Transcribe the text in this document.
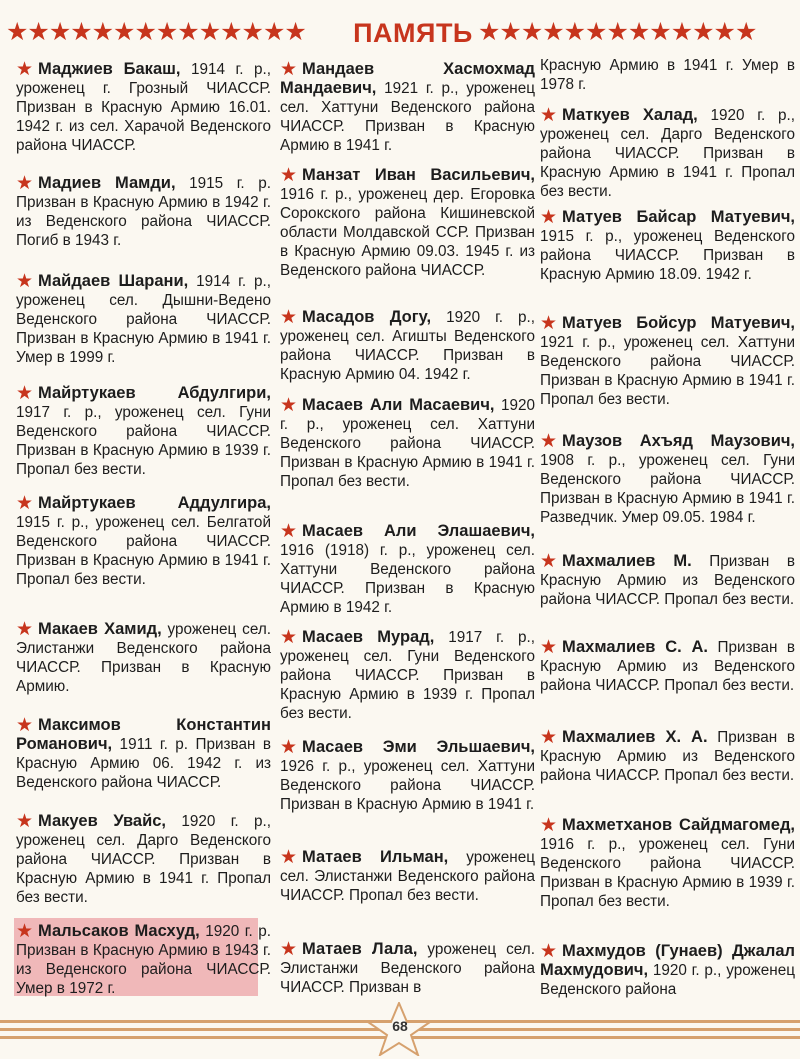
★★★★★★★★★★★★★★	ПАМЯТЬ ★★★★★★★★★★★★★
★ Маджиев Бакаш, 1914 г. р., уроженец г. Грозный ЧИАССР. Призван в Красную Армию 16.01. 1942 г. из сел. Харачой Веденского района ЧИАССР.
★ Мадиев Мамди, 1915 г. р. Призван в Красную Армию в 1942 г. из Веденского района ЧИАССР. Погиб в 1943 г.
★ Майдаев Шарани, 1914 г. р., уроженец сел. Дышни-Ведено Веденского района ЧИАССР. Призван в Красную Армию в 1941 г. Умер в 1999 г.
★ Майртукаев Абдулгири, 1917 г. р., уроженец сел. Гуни Веденского района ЧИАССР. Призван в Красную Армию в 1939 г. Пропал без вести.
★ Майртукаев Аддулгира, 1915 г. р., уроженец сел. Белгатой Веденского района ЧИАССР. Призван в Красную Армию в 1941 г. Пропал без вести.
★ Макаев Хамид, уроженец сел. Элистанжи Веденского района ЧИАССР. Призван в Красную Армию.
★ Максимов Константин Романович, 1911 г. р. Призван в Красную Армию 06. 1942 г. из Веденского района ЧИАССР.
★ Макуев Увайс, 1920 г. р., уроженец сел. Дарго Веденского района ЧИАССР. Призван в Красную Армию в 1941 г. Пропал без вести.
★ Мальсаков Масхуд, 1920 г. р. Призван в Красную Армию в 1943 г. из Веденского района ЧИАССР. Умер в 1972 г.
★ Мандаев Хасмохмад Мандаевич, 1921 г. р., уроженец сел. Хаттуни Веденского района ЧИАССР. Призван в Красную Армию в 1941 г.
★ Манзат Иван Васильевич, 1916 г. р., уроженец дер. Егоровка Сорокского района Кишиневской области Молдавской ССР. Призван в Красную Армию 09.03. 1945 г. из Веденского района ЧИАССР.
★ Масадов Догу, 1920 г. р., уроженец сел. Агишты Веденского района ЧИАССР. Призван в Красную Армию 04. 1942 г.
★ Масаев Али Масаевич, 1920 г. р., уроженец сел. Хаттуни Веденского района ЧИАССР. Призван в Красную Армию в 1941 г. Пропал без вести.
★ Масаев Али Элашаевич, 1916 (1918) г. р., уроженец сел. Хаттуни Веденского района ЧИАССР. Призван в Красную Армию в 1942 г.
★ Масаев Мурад, 1917 г. р., уроженец сел. Гуни Веденского района ЧИАССР. Призван в Красную Армию в 1939 г. Пропал без вести.
★ Масаев Эми Эльшаевич, 1926 г. р., уроженец сел. Хаттуни Веденского района ЧИАССР. Призван в Красную Армию в 1941 г.
★ Матаев Ильман, уроженец сел. Элистанжи Веденского района ЧИАССР. Пропал без вести.
★ Матаев Лала, уроженец сел. Элистанжи Веденского района ЧИАССР. Призван в
Красную Армию в 1941 г. Умер в 1978 г.
★ Маткуев Халад, 1920 г. р., уроженец сел. Дарго Веденского района ЧИАССР. Призван в Красную Армию в 1941 г. Пропал без вести.
★ Матуев Байсар Матуевич, 1915 г. р., уроженец Веденского района ЧИАССР. Призван в Красную Армию 18.09. 1942 г.
★ Матуев Бойсур Матуевич, 1921 г. р., уроженец сел. Хаттуни Веденского района ЧИАССР. Призван в Красную Армию в 1941 г. Пропал без вести.
★ Маузов Ахъяд Маузович, 1908 г. р., уроженец сел. Гуни Веденского района ЧИАССР. Призван в Красную Армию в 1941 г. Разведчик. Умер 09.05. 1984 г.
★ Махмалиев М. Призван в Красную Армию из Веденского района ЧИАССР. Пропал без вести.
★ Махмалиев С. А. Призван в Красную Армию из Веденского района ЧИАССР. Пропал без вести.
★ Махмалиев Х. А. Призван в Красную Армию из Веденского района ЧИАССР. Пропал без вести.
★ Махметханов Сайдмагомед, 1916 г. р., уроженец сел. Гуни Веденского района ЧИАССР. Призван в Красную Армию в 1939 г. Пропал без вести.
★ Махмудов (Гунаев) Джалал Махмудович, 1920 г. р., уроженец Веденского района
68
